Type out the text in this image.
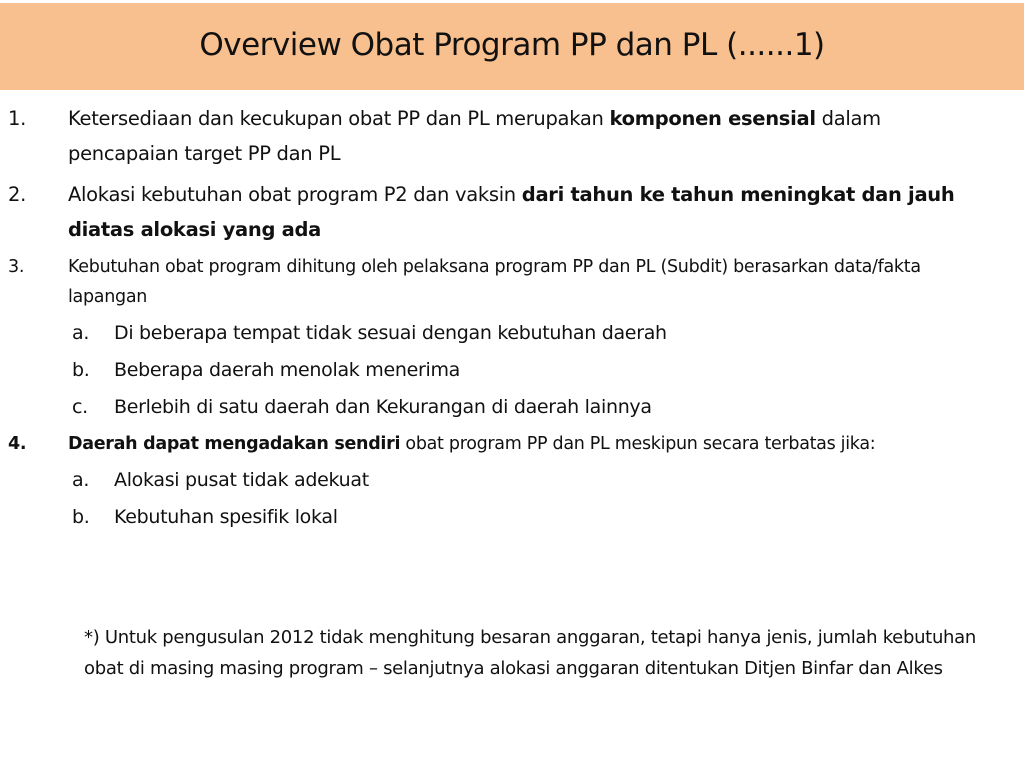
Overview Obat Program PP dan PL (......1)
1. Ketersediaan dan kecukupan obat PP dan PL merupakan komponen esensial dalam pencapaian target PP dan PL
2. Alokasi kebutuhan obat program P2 dan vaksin dari tahun ke tahun meningkat dan jauh diatas alokasi yang ada
3.	Kebutuhan obat program dihitung oleh pelaksana program PP dan PL (Subdit) berasarkan data/fakta lapangan
a. Di beberapa tempat tidak sesuai dengan kebutuhan daerah
b. Beberapa daerah menolak menerima
c. Berlebih di satu daerah dan Kekurangan di daerah lainnya
4. Daerah dapat mengadakan sendiri obat program PP dan PL meskipun secara terbatas jika:
a. Alokasi pusat tidak adekuat
b. Kebutuhan spesifik lokal
*) Untuk pengusulan 2012 tidak menghitung besaran anggaran, tetapi hanya jenis, jumlah kebutuhan obat di masing masing program – selanjutnya alokasi anggaran ditentukan Ditjen Binfar dan Alkes
